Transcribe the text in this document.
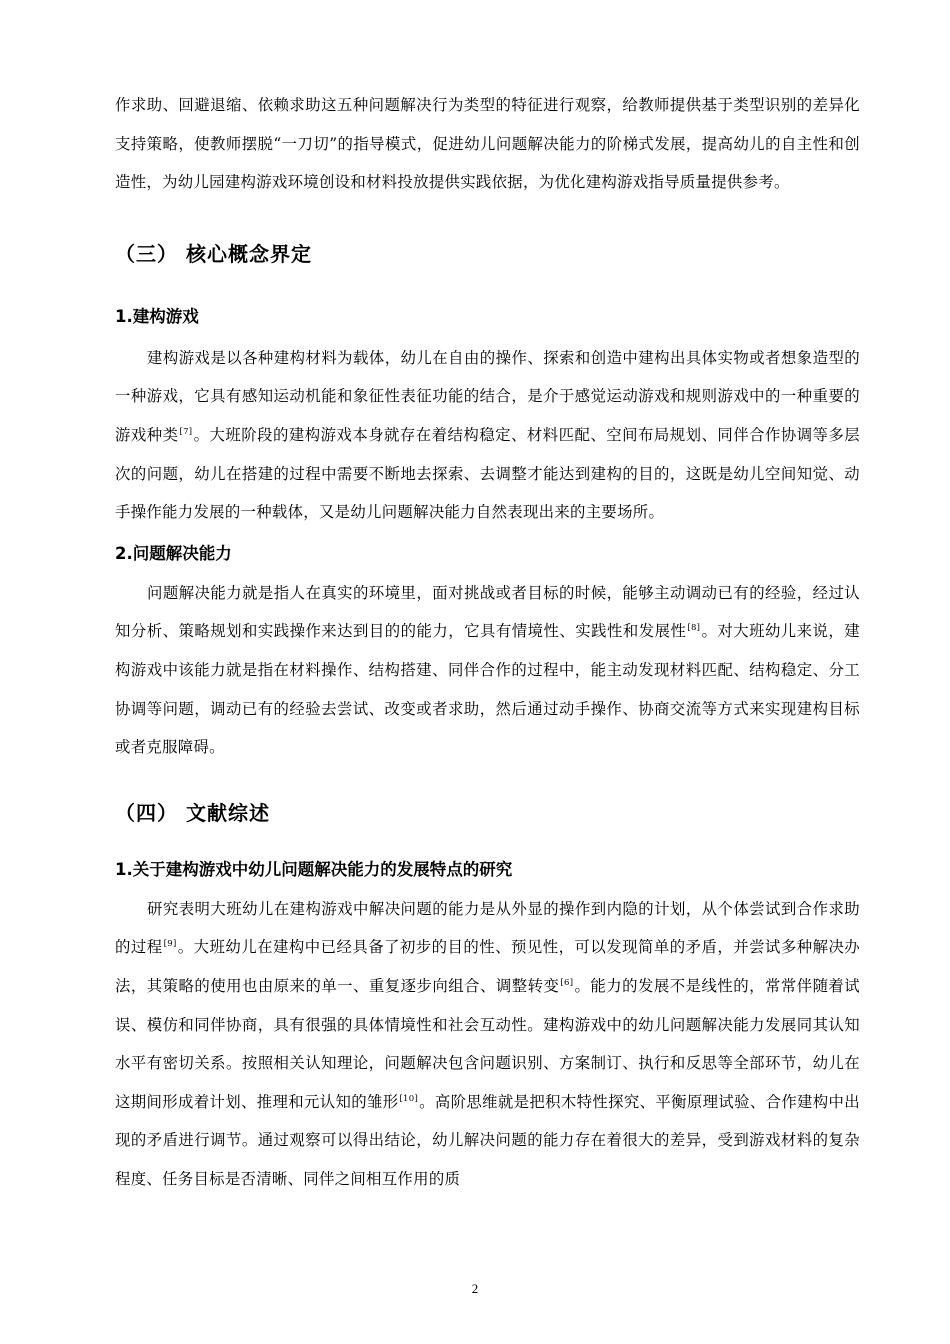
作求助、回避退缩、依赖求助这五种问题解决行为类型的特征进行观察，给教师提供基于类型识别的差异化支持策略，使教师摆脱“一刀切”的指导模式，促进幼儿问题解决能力的阶梯式发展，提高幼儿的自主性和创造性，为幼儿园建构游戏环境创设和材料投放提供实践依据，为优化建构游戏指导质量提供参考。

（三） 核心概念界定
1.建构游戏

建构游戏是以各种建构材料为载体，幼儿在自由的操作、探索和创造中建构出具体实物或者想象造型的一种游戏，它具有感知运动机能和象征性表征功能的结合，是介于感觉运动游戏和规则游戏中的一种重要的游戏种类[7]。大班阶段的建构游戏本身就存在着结构稳定、材料匹配、空间布局规划、同伴合作协调等多层次的问题，幼儿在搭建的过程中需要不断地去探索、去调整才能达到建构的目的，这既是幼儿空间知觉、动手操作能力发展的一种载体，又是幼儿问题解决能力自然表现出来的主要场所。

2.问题解决能力

问题解决能力就是指人在真实的环境里，面对挑战或者目标的时候，能够主动调动已有的经验，经过认知分析、策略规划和实践操作来达到目的的能力，它具有情境性、实践性和发展性[8]。对大班幼儿来说，建构游戏中该能力就是指在材料操作、结构搭建、同伴合作的过程中，能主动发现材料匹配、结构稳定、分工协调等问题，调动已有的经验去尝试、改变或者求助，然后通过动手操作、协商交流等方式来实现建构目标或者克服障碍。

（四） 文献综述
1.关于建构游戏中幼儿问题解决能力的发展特点的研究

研究表明大班幼儿在建构游戏中解决问题的能力是从外显的操作到内隐的计划，从个体尝试到合作求助的过程[9]。大班幼儿在建构中已经具备了初步的目的性、预见性，可以发现简单的矛盾，并尝试多种解决办法，其策略的使用也由原来的单一、重复逐步向组合、调整转变[6]。能力的发展不是线性的，常常伴随着试误、模仿和同伴协商，具有很强的具体情境性和社会互动性。建构游戏中的幼儿问题解决能力发展同其认知水平有密切关系。按照相关认知理论，问题解决包含问题识别、方案制订、执行和反思等全部环节，幼儿在这期间形成着计划、推理和元认知的雏形[10]。高阶思维就是把积木特性探究、平衡原理试验、合作建构中出现的矛盾进行调节。通过观察可以得出结论，幼儿解决问题的能力存在着很大的差异，受到游戏材料的复杂程度、任务目标是否清晰、同伴之间相互作用的质

2
